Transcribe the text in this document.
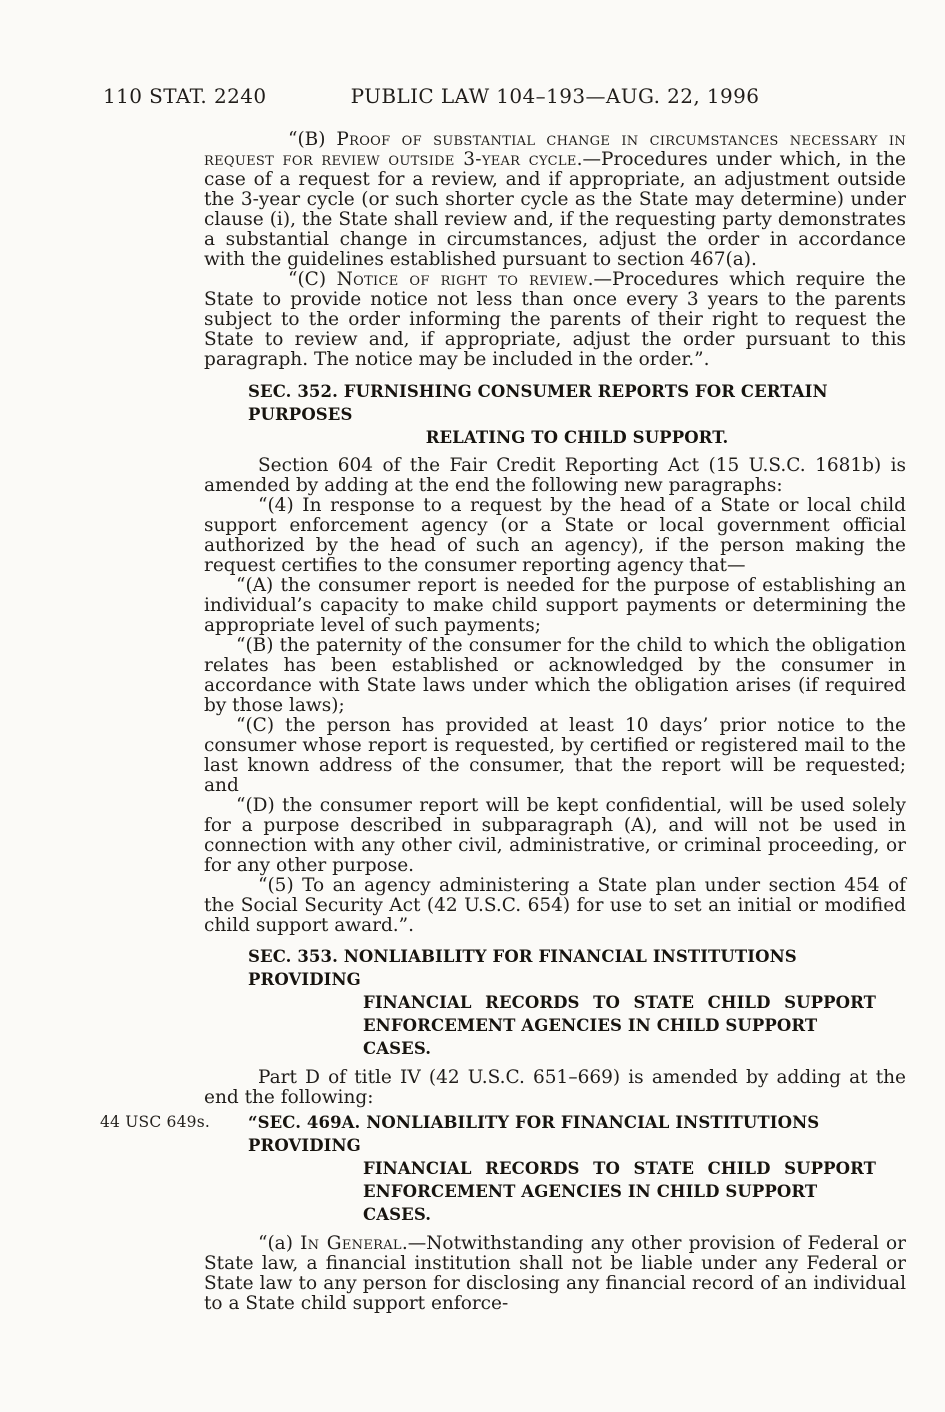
110 STAT. 2240	PUBLIC LAW 104–193—AUG. 22, 1996

“(B) Proof of substantial change in circumstances necessary in request for review outside 3-year cycle.—Procedures under which, in the case of a request for a review, and if appropriate, an adjustment outside the 3-year cycle (or such shorter cycle as the State may determine) under clause (i), the State shall review and, if the requesting party demonstrates a substantial change in circumstances, adjust the order in accordance with the guidelines established pursuant to section 467(a).

“(C) Notice of right to review.—Procedures which require the State to provide notice not less than once every 3 years to the parents subject to the order informing the parents of their right to request the State to review and, if appropriate, adjust the order pursuant to this paragraph. The notice may be included in the order.”.

SEC. 352. FURNISHING CONSUMER REPORTS FOR CERTAIN PURPOSES
RELATING TO CHILD SUPPORT.

Section 604 of the Fair Credit Reporting Act (15 U.S.C. 1681b) is amended by adding at the end the following new paragraphs:

“(4) In response to a request by the head of a State or local child support enforcement agency (or a State or local government official authorized by the head of such an agency), if the person making the request certifies to the consumer reporting agency that—

“(A) the consumer report is needed for the purpose of establishing an individual’s capacity to make child support payments or determining the appropriate level of such payments;

“(B) the paternity of the consumer for the child to which the obligation relates has been established or acknowledged by the consumer in accordance with State laws under which the obligation arises (if required by those laws);

“(C) the person has provided at least 10 days’ prior notice to the consumer whose report is requested, by certified or registered mail to the last known address of the consumer, that the report will be requested; and

“(D) the consumer report will be kept confidential, will be used solely for a purpose described in subparagraph (A), and will not be used in connection with any other civil, administrative, or criminal proceeding, or for any other purpose.

“(5) To an agency administering a State plan under section 454 of the Social Security Act (42 U.S.C. 654) for use to set an initial or modified child support award.”.

SEC. 353. NONLIABILITY FOR FINANCIAL INSTITUTIONS PROVIDING
FINANCIAL RECORDS TO STATE CHILD SUPPORT
ENFORCEMENT AGENCIES IN CHILD SUPPORT CASES.

Part D of title IV (42 U.S.C. 651–669) is amended by adding at the end the following:

44 USC 649s. “SEC. 469A. NONLIABILITY FOR FINANCIAL INSTITUTIONS PROVIDING
FINANCIAL RECORDS TO STATE CHILD SUPPORT
ENFORCEMENT AGENCIES IN CHILD SUPPORT CASES.

“(a) In General.—Notwithstanding any other provision of Federal or State law, a financial institution shall not be liable under any Federal or State law to any person for disclosing any financial record of an individual to a State child support enforce-
